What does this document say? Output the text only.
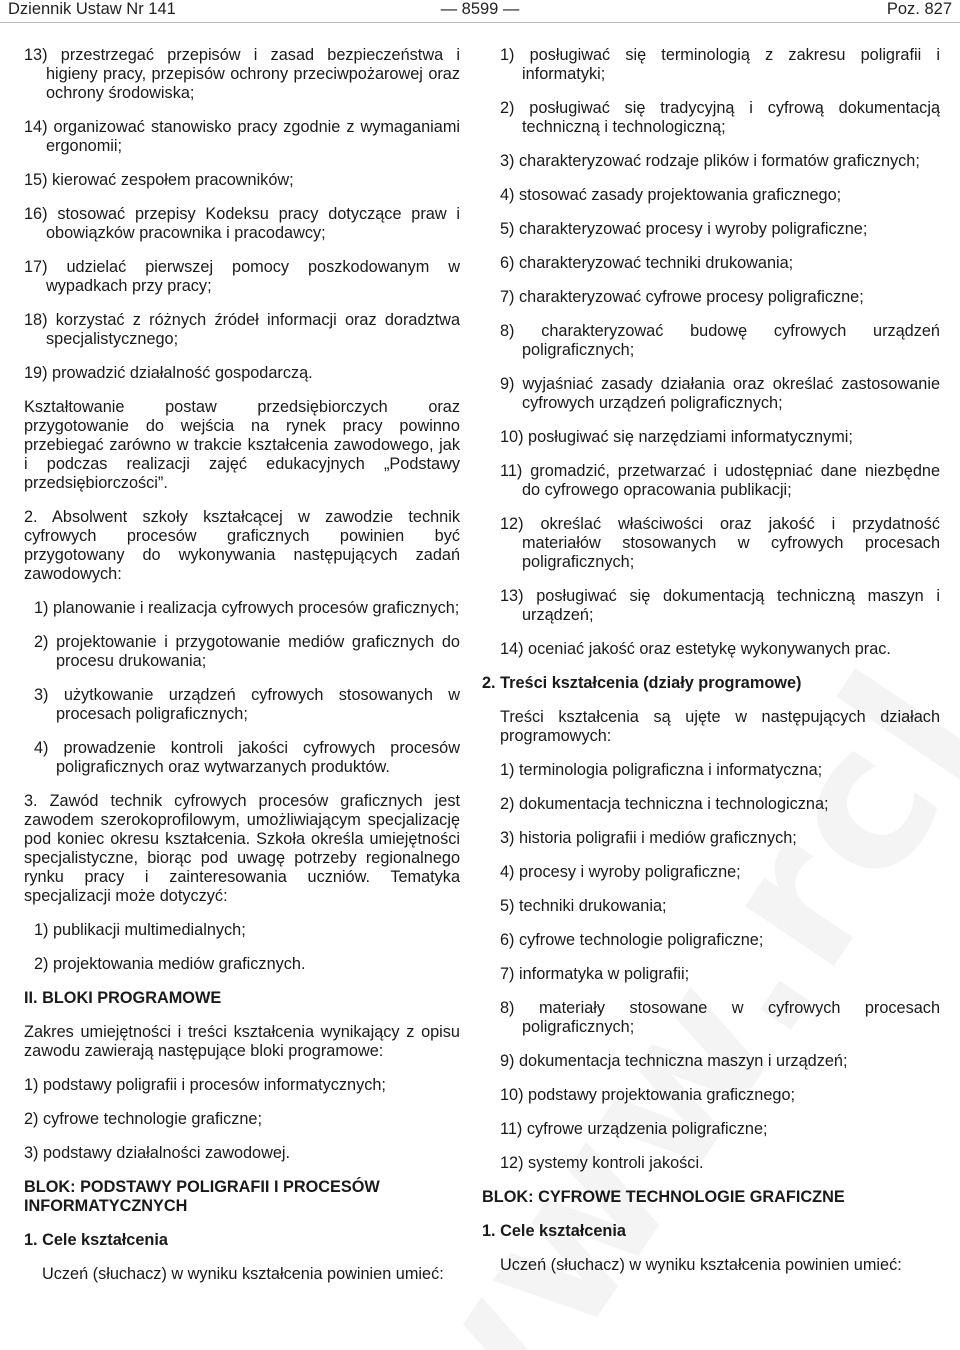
Dziennik Ustaw Nr 141	— 8599 —	Poz. 827

13) przestrzegać przepisów i zasad bezpieczeństwa i higieny pracy, przepisów ochrony przeciwpożarowej oraz ochrony środowiska;

14) organizować stanowisko pracy zgodnie z wymaganiami ergonomii;

15) kierować zespołem pracowników;

16) stosować przepisy Kodeksu pracy dotyczące praw i obowiązków pracownika i pracodawcy;

17) udzielać pierwszej pomocy poszkodowanym w wypadkach przy pracy;

18) korzystać z różnych źródeł informacji oraz doradztwa specjalistycznego;

19) prowadzić działalność gospodarczą.

Kształtowanie postaw przedsiębiorczych oraz przygotowanie do wejścia na rynek pracy powinno przebiegać zarówno w trakcie kształcenia zawodowego, jak i podczas realizacji zajęć edukacyjnych „Podstawy przedsiębiorczości”.

2. Absolwent szkoły kształcącej w zawodzie technik cyfrowych procesów graficznych powinien być przygotowany do wykonywania następujących zadań zawodowych:

1) planowanie i realizacja cyfrowych procesów graficznych;

2) projektowanie i przygotowanie mediów graficznych do procesu drukowania;

3) użytkowanie urządzeń cyfrowych stosowanych w procesach poligraficznych;

4) prowadzenie kontroli jakości cyfrowych procesów poligraficznych oraz wytwarzanych produktów.

3. Zawód technik cyfrowych procesów graficznych jest zawodem szerokoprofilowym, umożliwiającym specjalizację pod koniec okresu kształcenia. Szkoła określa umiejętności specjalistyczne, biorąc pod uwagę potrzeby regionalnego rynku pracy i zainteresowania uczniów. Tematyka specjalizacji może dotyczyć:

1) publikacji multimedialnych;

2) projektowania mediów graficznych.

II. BLOKI PROGRAMOWE

Zakres umiejętności i treści kształcenia wynikający z opisu zawodu zawierają następujące bloki programowe:

1) podstawy poligrafii i procesów informatycznych;

2) cyfrowe technologie graficzne;

3) podstawy działalności zawodowej.

BLOK: PODSTAWY POLIGRAFII I PROCESÓW INFORMATYCZNYCH

1. Cele kształcenia

Uczeń (słuchacz) w wyniku kształcenia powinien umieć:

1) posługiwać się terminologią z zakresu poligrafii i informatyki;

2) posługiwać się tradycyjną i cyfrową dokumentacją techniczną i technologiczną;

3) charakteryzować rodzaje plików i formatów graficznych;

4) stosować zasady projektowania graficznego;

5) charakteryzować procesy i wyroby poligraficzne;

6) charakteryzować techniki drukowania;

7) charakteryzować cyfrowe procesy poligraficzne;

8) charakteryzować budowę cyfrowych urządzeń poligraficznych;

9) wyjaśniać zasady działania oraz określać zastosowanie cyfrowych urządzeń poligraficznych;

10) posługiwać się narzędziami informatycznymi;

11) gromadzić, przetwarzać i udostępniać dane niezbędne do cyfrowego opracowania publikacji;

12) określać właściwości oraz jakość i przydatność materiałów stosowanych w cyfrowych procesach poligraficznych;

13) posługiwać się dokumentacją techniczną maszyn i urządzeń;

14) oceniać jakość oraz estetykę wykonywanych prac.

2. Treści kształcenia (działy programowe)

Treści kształcenia są ujęte w następujących działach programowych:

1) terminologia poligraficzna i informatyczna;

2) dokumentacja techniczna i technologiczna;

3) historia poligrafii i mediów graficznych;

4) procesy i wyroby poligraficzne;

5) techniki drukowania;

6) cyfrowe technologie poligraficzne;

7) informatyka w poligrafii;

8) materiały stosowane w cyfrowych procesach poligraficznych;

9) dokumentacja techniczna maszyn i urządzeń;

10) podstawy projektowania graficznego;

11) cyfrowe urządzenia poligraficzne;

12) systemy kontroli jakości.

BLOK: CYFROWE TECHNOLOGIE GRAFICZNE

1. Cele kształcenia

Uczeń (słuchacz) w wyniku kształcenia powinien umieć:
